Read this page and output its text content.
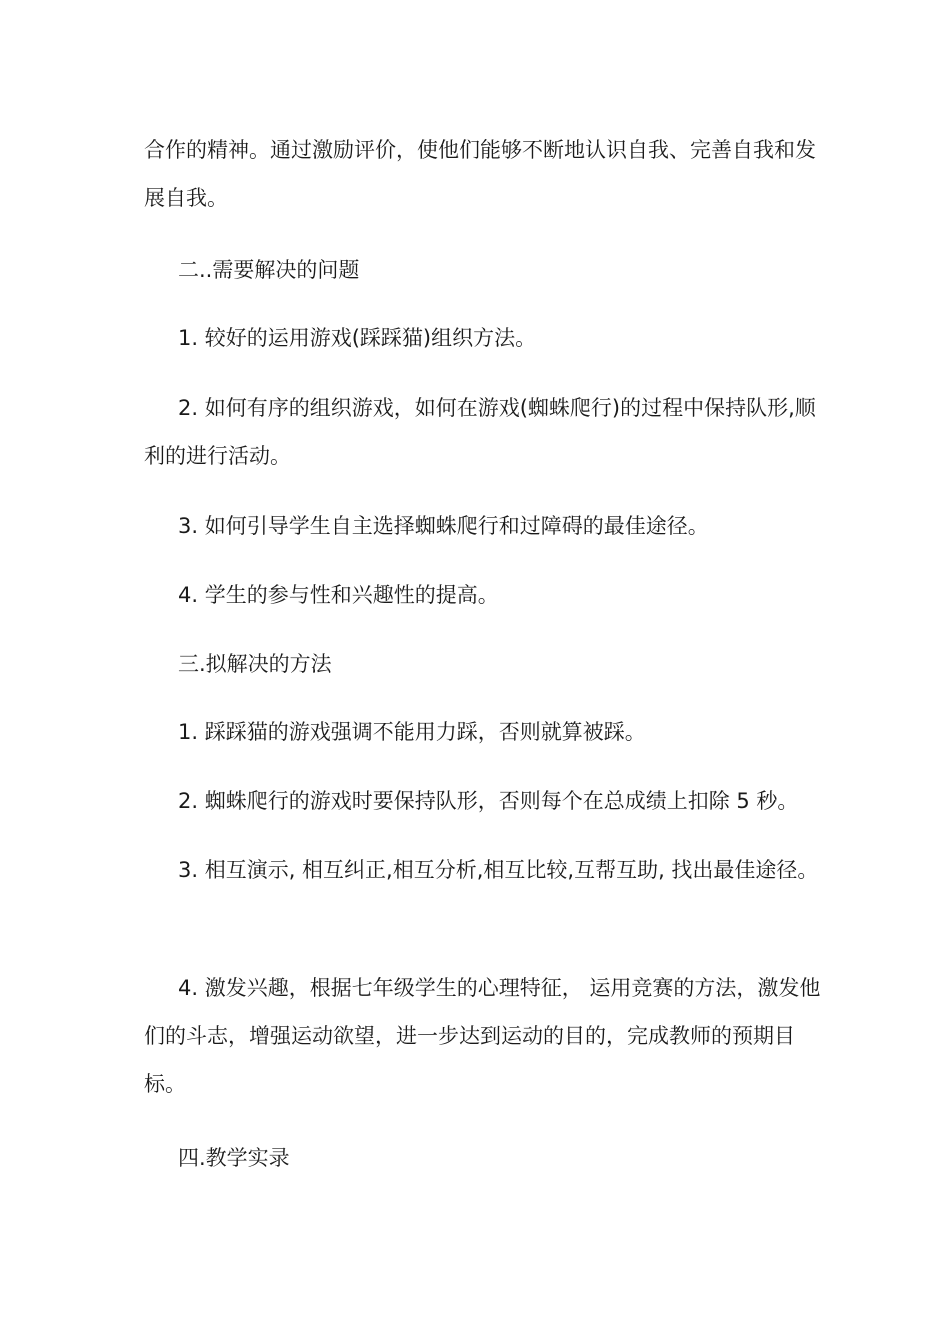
合作的精神。通过激励评价，使他们能够不断地认识自我、完善自我和发展自我。

二..需要解决的问题

1. 较好的运用游戏(踩踩猫)组织方法。

2. 如何有序的组织游戏，如何在游戏(蜘蛛爬行)的过程中保持队形,顺利的进行活动。

3. 如何引导学生自主选择蜘蛛爬行和过障碍的最佳途径。

4. 学生的参与性和兴趣性的提高。

三.拟解决的方法

1. 踩踩猫的游戏强调不能用力踩，否则就算被踩。

2. 蜘蛛爬行的游戏时要保持队形，否则每个在总成绩上扣除 5 秒。

3. 相互演示, 相互纠正,相互分析,相互比较,互帮互助, 找出最佳途径。

4. 激发兴趣，根据七年级学生的心理特征， 运用竞赛的方法，激发他们的斗志，增强运动欲望，进一步达到运动的目的，完成教师的预期目标。

四.教学实录
